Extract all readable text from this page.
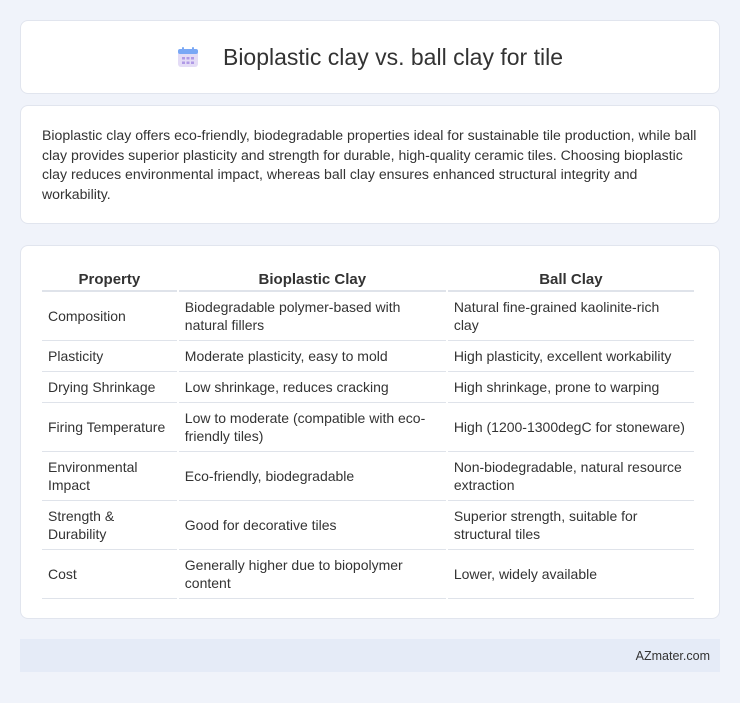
Bioplastic clay vs. ball clay for tile

Bioplastic clay offers eco-friendly, biodegradable properties ideal for sustainable tile production, while ball clay provides superior plasticity and strength for durable, high-quality ceramic tiles. Choosing bioplastic clay reduces environmental impact, whereas ball clay ensures enhanced structural integrity and workability.

Property	Bioplastic Clay	Ball Clay
Composition	Biodegradable polymer-based with natural fillers	Natural fine-grained kaolinite-rich clay
Plasticity	Moderate plasticity, easy to mold	High plasticity, excellent workability
Drying Shrinkage	Low shrinkage, reduces cracking	High shrinkage, prone to warping
Firing Temperature	Low to moderate (compatible with eco-friendly tiles)	High (1200-1300degC for stoneware)
Environmental Impact	Eco-friendly, biodegradable	Non-biodegradable, natural resource extraction
Strength & Durability	Good for decorative tiles	Superior strength, suitable for structural tiles
Cost	Generally higher due to biopolymer content	Lower, widely available
AZmater.com
